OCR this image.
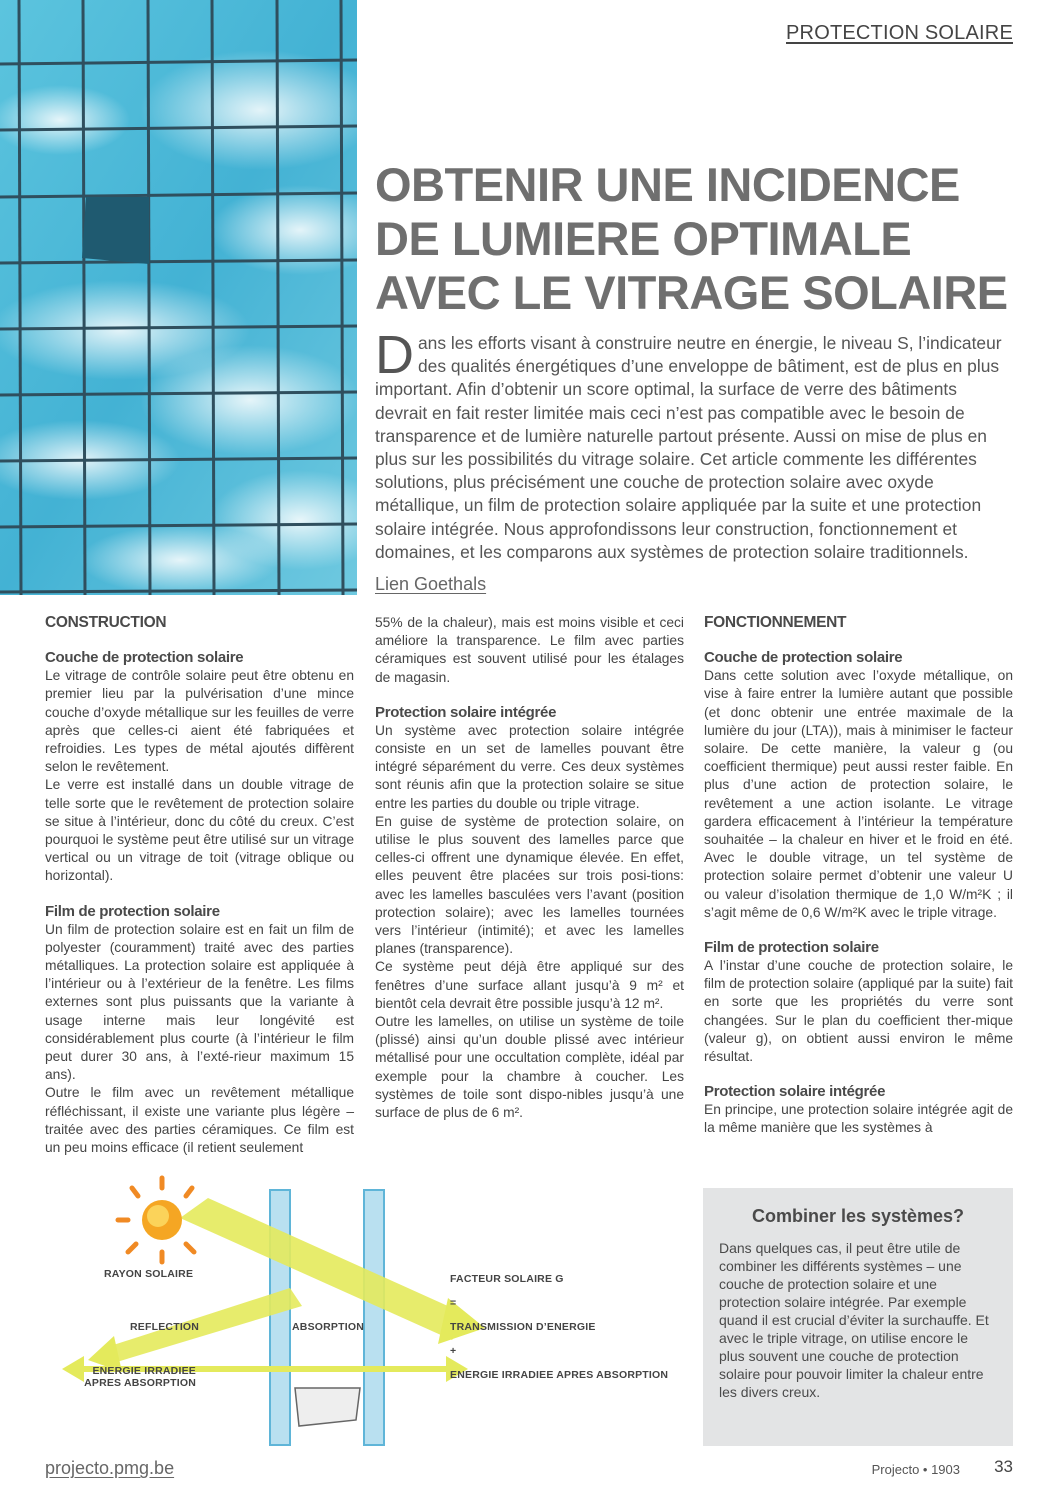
PROTECTION SOLAIRE
OBTENIR UNE INCIDENCE
DE LUMIERE OPTIMALE
AVEC LE VITRAGE SOLAIRE

Dans les efforts visant à construire neutre en énergie, le niveau S, l’indicateur des qualités énergétiques d’une enveloppe de bâtiment, est de plus en plus important. Afin d’obtenir un score optimal, la surface de verre des bâtiments devrait en fait rester limitée mais ceci n’est pas compatible avec le besoin de transparence et de lumière naturelle partout présente. Aussi on mise de plus en plus sur les possibilités du vitrage solaire. Cet article commente les différentes solutions, plus précisément une couche de protection solaire avec oxyde métallique, un film de protection solaire appliquée par la suite et une protection solaire intégrée. Nous approfondissons leur construction, fonctionnement et domaines, et les comparons aux systèmes de protection solaire traditionnels.

Lien Goethals
CONSTRUCTION
Couche de protection solaire

Le vitrage de contrôle solaire peut être obtenu en premier lieu par la pulvérisation d’une mince couche d’oxyde métallique sur les feuilles de verre après que celles-ci aient été fabriquées et refroidies. Les types de métal ajoutés diffèrent selon le revêtement.

Le verre est installé dans un double vitrage de telle sorte que le revêtement de protection solaire se situe à l’intérieur, donc du côté du creux. C’est pourquoi le système peut être utilisé sur un vitrage vertical ou un vitrage de toit (vitrage oblique ou horizontal).

Film de protection solaire

Un film de protection solaire est en fait un film de polyester (couramment) traité avec des parties métalliques. La protection solaire est appliquée à l’intérieur ou à l’extérieur de la fenêtre. Les films externes sont plus puissants que la variante à usage interne mais leur longévité est considérablement plus courte (à l’intérieur le film peut durer 30 ans, à l’exté-rieur maximum 15 ans).

Outre le film avec un revêtement métallique réfléchissant, il existe une variante plus légère – traitée avec des parties céramiques. Ce film est un peu moins efficace (il retient seulement

55% de la chaleur), mais est moins visible et ceci améliore la transparence. Le film avec parties céramiques est souvent utilisé pour les étalages de magasin.

Protection solaire intégrée

Un système avec protection solaire intégrée consiste en un set de lamelles pouvant être intégré séparément du verre. Ces deux systèmes sont réunis afin que la protection solaire se situe entre les parties du double ou triple vitrage.

En guise de système de protection solaire, on utilise le plus souvent des lamelles parce que celles-ci offrent une dynamique élevée. En effet, elles peuvent être placées sur trois posi-tions: avec les lamelles basculées vers l’avant (position protection solaire); avec les lamelles tournées vers l’intérieur (intimité); et avec les lamelles planes (transparence).

Ce système peut déjà être appliqué sur des fenêtres d’une surface allant jusqu’à 9 m² et bientôt cela devrait être possible jusqu’à 12 m².

Outre les lamelles, on utilise un système de toile (plissé) ainsi qu’un double plissé avec intérieur métallisé pour une occultation complète, idéal par exemple pour la chambre à coucher. Les systèmes de toile sont dispo-nibles jusqu’à une surface de plus de 6 m².

FONCTIONNEMENT
Couche de protection solaire

Dans cette solution avec l’oxyde métallique, on vise à faire entrer la lumière autant que possible (et donc obtenir une entrée maximale de la lumière du jour (LTA)), mais à minimiser le facteur solaire. De cette manière, la valeur g (ou coefficient thermique) peut aussi rester faible. En plus d’une action de protection solaire, le revêtement a une action isolante. Le vitrage gardera efficacement à l’intérieur la température souhaitée – la chaleur en hiver et le froid en été. Avec le double vitrage, un tel système de protection solaire permet d’obtenir une valeur U ou valeur d’isolation thermique de 1,0 W/m²K ; il s’agit même de 0,6 W/m²K avec le triple vitrage.

Film de protection solaire

A l’instar d’une couche de protection solaire, le film de protection solaire (appliqué par la suite) fait en sorte que les propriétés du verre sont changées. Sur le plan du coefficient ther-mique (valeur g), on obtient aussi environ le même résultat.

Protection solaire intégrée

En principe, une protection solaire intégrée agit de la même manière que les systèmes à

RAYON SOLAIRE
REFLECTION	ABSORPTION
ENERGIE IRRADIEE
APRES ABSORPTION
FACTEUR SOLAIRE G
=
TRANSMISSION D’ENERGIE
+
ENERGIE IRRADIEE APRES ABSORPTION
Combiner les systèmes?

Dans quelques cas, il peut être utile de combiner les différents systèmes – une couche de protection solaire et une protection solaire intégrée. Par exemple quand il est crucial d’éviter la surchauffe. Et avec le triple vitrage, on utilise encore le plus souvent une couche de protection solaire pour pouvoir limiter la chaleur entre les divers creux.

projecto.pmg.be	Projecto • 1903 33
